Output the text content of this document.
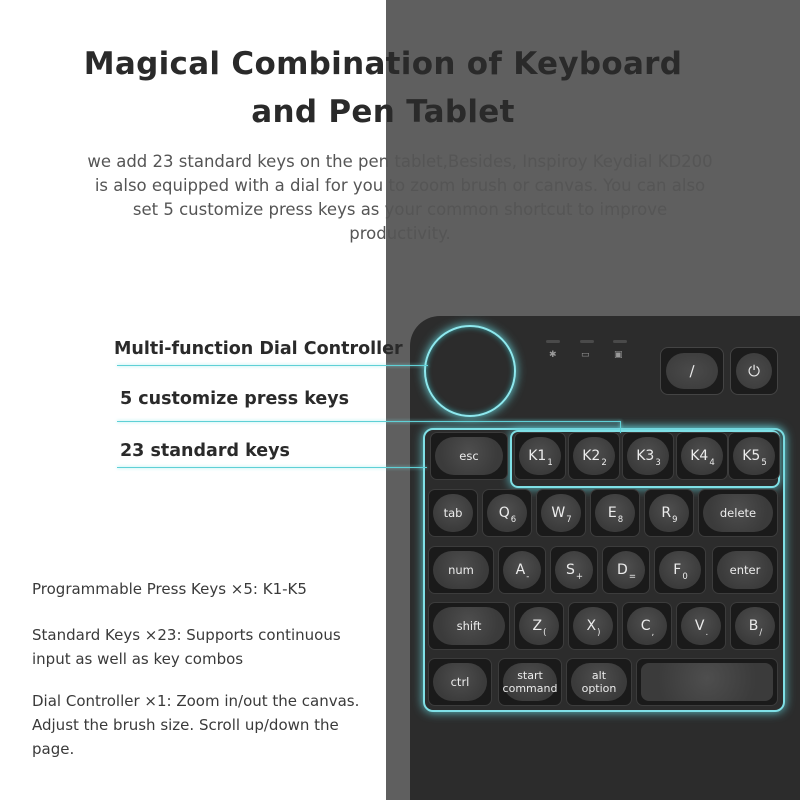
Magical Combination of Keyboard
and Pen Tablet
we add 23 standard keys on the pen tablet,Besides, Inspiroy Keydial KD200
is also equipped with a dial for you to zoom brush or canvas. You can also
set 5 customize press keys as your common shortcut to improve
productivity.
✱	▭	▣
∕	⏻
esc	K1 1 K2 2 K3 3 K4 4 K5 5
tab	Q 6	W 7	E 8	R 9	delete
num	A -	S + D =	F 0	enter
shift	Z (	X )	C ,	V .	B /
ctrl	start
command
alt
option
Multi-function Dial Controller
5 customize press keys
23 standard keys
Programmable Press Keys ×5: K1-K5
Standard Keys ×23: Supports continuous
input as well as key combos
Dial Controller ×1: Zoom in/out the canvas.
Adjust the brush size. Scroll up/down the
page.
